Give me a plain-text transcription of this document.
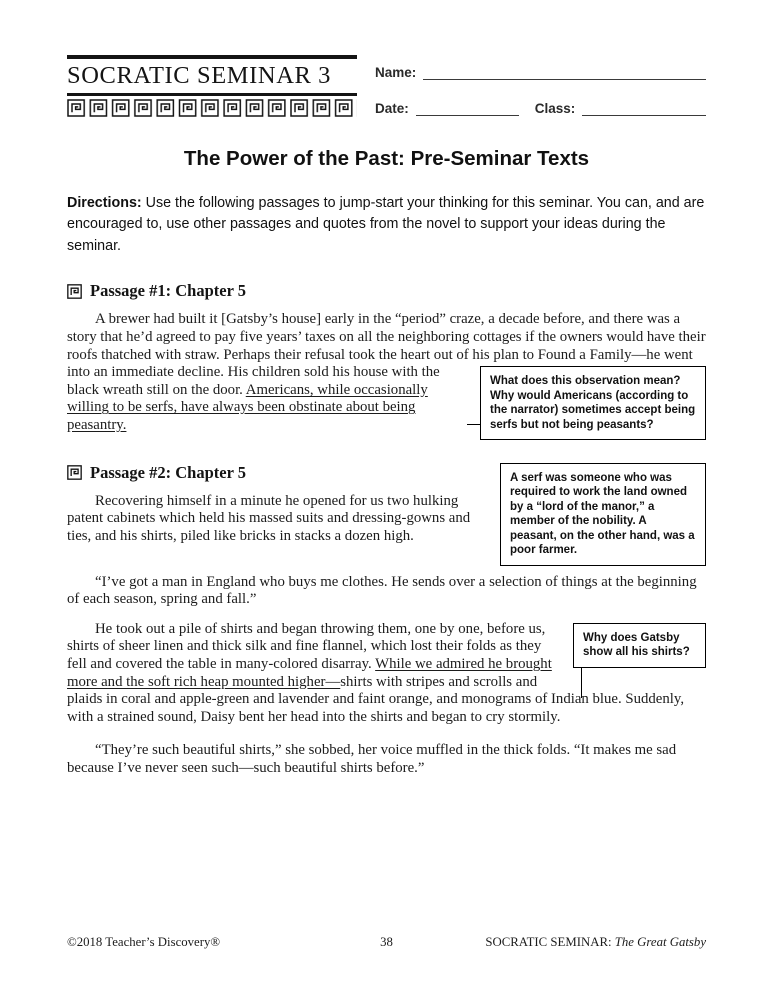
SOCRATIC SEMINAR 3	Name:
Date:	Class:
The Power of the Past: Pre-Seminar Texts

Directions: Use the following passages to jump-start your thinking for this seminar. You can, and are encouraged to, use other passages and quotes from the novel to support your ideas during the seminar.

Passage #1: Chapter 5

A brewer had built it [Gatsby’s house] early in the “period” craze, a decade before, and there was a story that he’d agreed to pay five years’ taxes on all the neighboring cottages if the owners would have their roofs thatched with straw. Perhaps their refusal took the heart out of his plan to Found a Family—he went into an immediate decline. His children
What does this observation mean? Why would Americans (according to the narrator) sometimes accept being serfs but not being peasants?
sold his house with the black wreath still on the door. Americans, while occasionally willing to be serfs, have always been obstinate about being peasantry.

A serf was someone who was required to work the land owned by a “lord of the manor,” a member of the nobility. A peasant, on the other hand, was a poor farmer.
Passage #2: Chapter 5

Recovering himself in a minute he opened for us two hulking patent cabinets which held his massed suits and dressing-gowns and ties, and his shirts, piled like bricks in stacks a dozen high.

“I’ve got a man in England who buys me clothes. He sends over a selection of things at the beginning of each season, spring and fall.”

Why does Gatsby show all his shirts?
He took out a pile of shirts and began throwing them, one by one, before us, shirts of sheer linen and thick silk and fine flannel, which lost their folds as they fell and covered the table in many-colored disarray. While we admired he brought more and the soft rich heap mounted higher—shirts with stripes and scrolls and plaids in coral and apple-green and lavender and faint orange, and monograms of Indian blue. Suddenly, with a strained sound, Daisy bent her head into the shirts and began to cry stormily.

“They’re such beautiful shirts,” she sobbed, her voice muffled in the thick folds. “It makes me sad because I’ve never seen such—such beautiful shirts before.”

©2018 Teacher’s Discovery®	38	SOCRATIC SEMINAR: The Great Gatsby
